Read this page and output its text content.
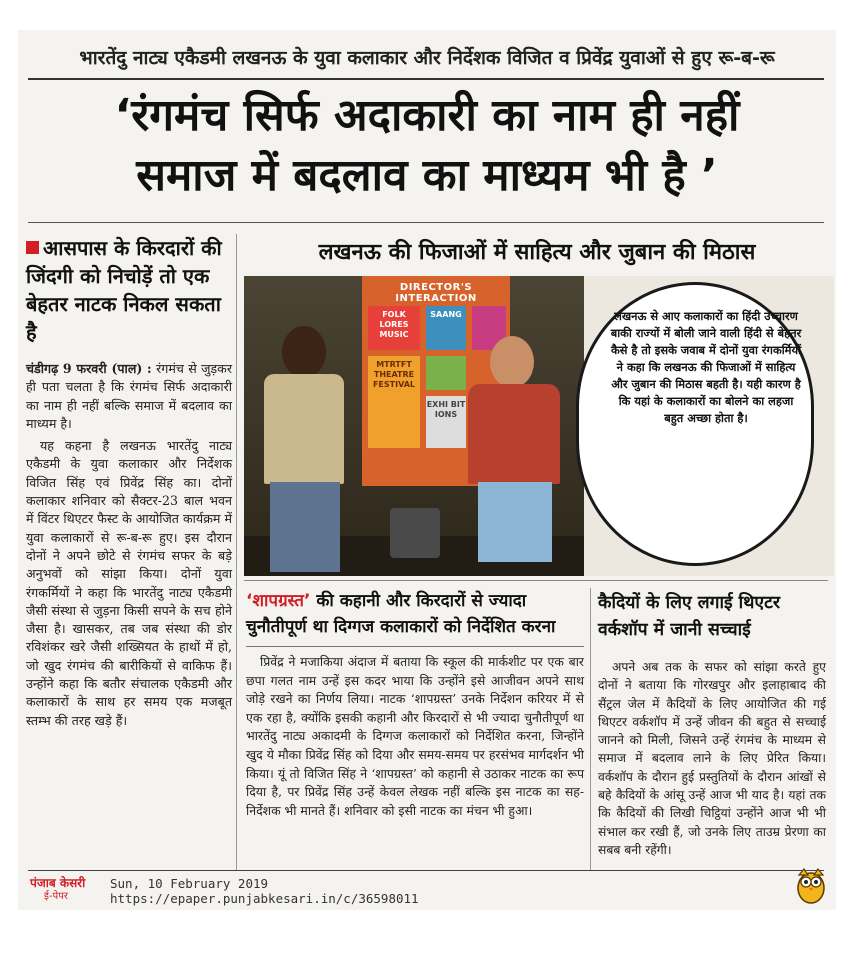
भारतेंदु नाट्य एकैडमी लखनऊ के युवा कलाकार और निर्देशक विजित व प्रिवेंद्र युवाओं से हुए रू-ब-रू
‘रंगमंच सिर्फ अदाकारी का नाम ही नहीं
समाज में बदलाव का माध्यम भी है ’
आसपास के किरदारों की जिंदगी को निचोड़ें तो एक बेहतर नाटक निकल सकता है
चंडीगढ़ 9 फरवरी (पाल) : रंगमंच से जुड़कर ही पता चलता है कि रंगमंच सिर्फ अदाकारी का नाम ही नहीं बल्कि समाज में बदलाव का माध्यम है।
यह कहना है लखनऊ भारतेंदु नाट्य एकैडमी के युवा कलाकार और निर्देशक विजित सिंह एवं प्रिवेंद्र सिंह का। दोनों कलाकार शनिवार को सैक्टर-23 बाल भवन में विंटर थिएटर फैस्ट के आयोजित कार्यक्रम में युवा कलाकारों से रू-ब-रू हुए। इस दौरान दोनों ने अपने छोटे से रंगमंच सफर के बड़े अनुभवों को सांझा किया। दोनों युवा रंगकर्मियों ने कहा कि भारतेंदु नाट्य एकैडमी जैसी संस्था से जुड़ना किसी सपने के सच होने जैसा है। खासकर, तब जब संस्था की डोर रविशंकर खरे जैसी शख्सियत के हाथों में हो, जो खुद रंगमंच की बारीकियों से वाकिफ हैं। उन्होंने कहा कि बतौर संचालक एकैडमी और कलाकारों के साथ हर समय एक मजबूत स्तम्भ की तरह खड़े हैं।
लखनऊ की फिजाओं में साहित्य और जुबान की मिठास
DIRECTOR'S INTERACTION
FOLK LORES MUSIC
SAANG
MTRTFT THEATRE FESTIVAL
EXHI BIT IONS
लखनऊ से आए कलाकारों का हिंदी उच्चारण बाकी राज्यों में बोली जाने वाली हिंदी से बेहतर कैसे है तो इसके जवाब में दोनों युवा रंगकर्मियों ने कहा कि लखनऊ की फिजाओं में साहित्य और जुबान की मिठास बहती है। यही कारण है कि यहां के कलाकारों का बोलने का लहजा बहुत अच्छा होता है।
‘शापग्रस्त’ की कहानी और किरदारों से ज्यादा चुनौतीपूर्ण था दिग्गज कलाकारों को निर्देशित करना
प्रिवेंद्र ने मजाकिया अंदाज में बताया कि स्कूल की मार्कशीट पर एक बार छपा गलत नाम उन्हें इस कदर भाया कि उन्होंने इसे आजीवन अपने साथ जोड़े रखने का निर्णय लिया। नाटक ‘शापग्रस्त’ उनके निर्देशन करियर में से एक रहा है, क्योंकि इसकी कहानी और किरदारों से भी ज्यादा चुनौतीपूर्ण था भारतेंदु नाट्य अकादमी के दिग्गज कलाकारों को निर्देशित करना, जिन्होंने खुद ये मौका प्रिवेंद्र सिंह को दिया और समय-समय पर हरसंभव मार्गदर्शन भी किया। यूं तो विजित सिंह ने ‘शापग्रस्त’ को कहानी से उठाकर नाटक का रूप दिया है, पर प्रिवेंद्र सिंह उन्हें केवल लेखक नहीं बल्कि इस नाटक का सह-निर्देशक भी मानते हैं। शनिवार को इसी नाटक का मंचन भी हुआ।
कैदियों के लिए लगाई थिएटर वर्कशॉप में जानी सच्चाई
अपने अब तक के सफर को सांझा करते हुए दोनों ने बताया कि गोरखपुर और इलाहाबाद की सैंट्रल जेल में कैदियों के लिए आयोजित की गई थिएटर वर्कशॉप में उन्हें जीवन की बहुत से सच्चाई जानने को मिली, जिसने उन्हें रंगमंच के माध्यम से समाज में बदलाव लाने के लिए प्रेरित किया। वर्कशॉप के दौरान हुई प्रस्तुतियों के दौरान आंखों से बहे कैदियों के आंसू उन्हें आज भी याद है। यहां तक कि कैदियों की लिखी चिट्ठियां उन्होंने आज भी भी संभाल कर रखी हैं, जो उनके लिए ताउम्र प्रेरणा का सबब बनी रहेंगी।
पंजाब केसरी
ई-पेपर
Sun, 10 February 2019
https://epaper.punjabkesari.in/c/36598011
